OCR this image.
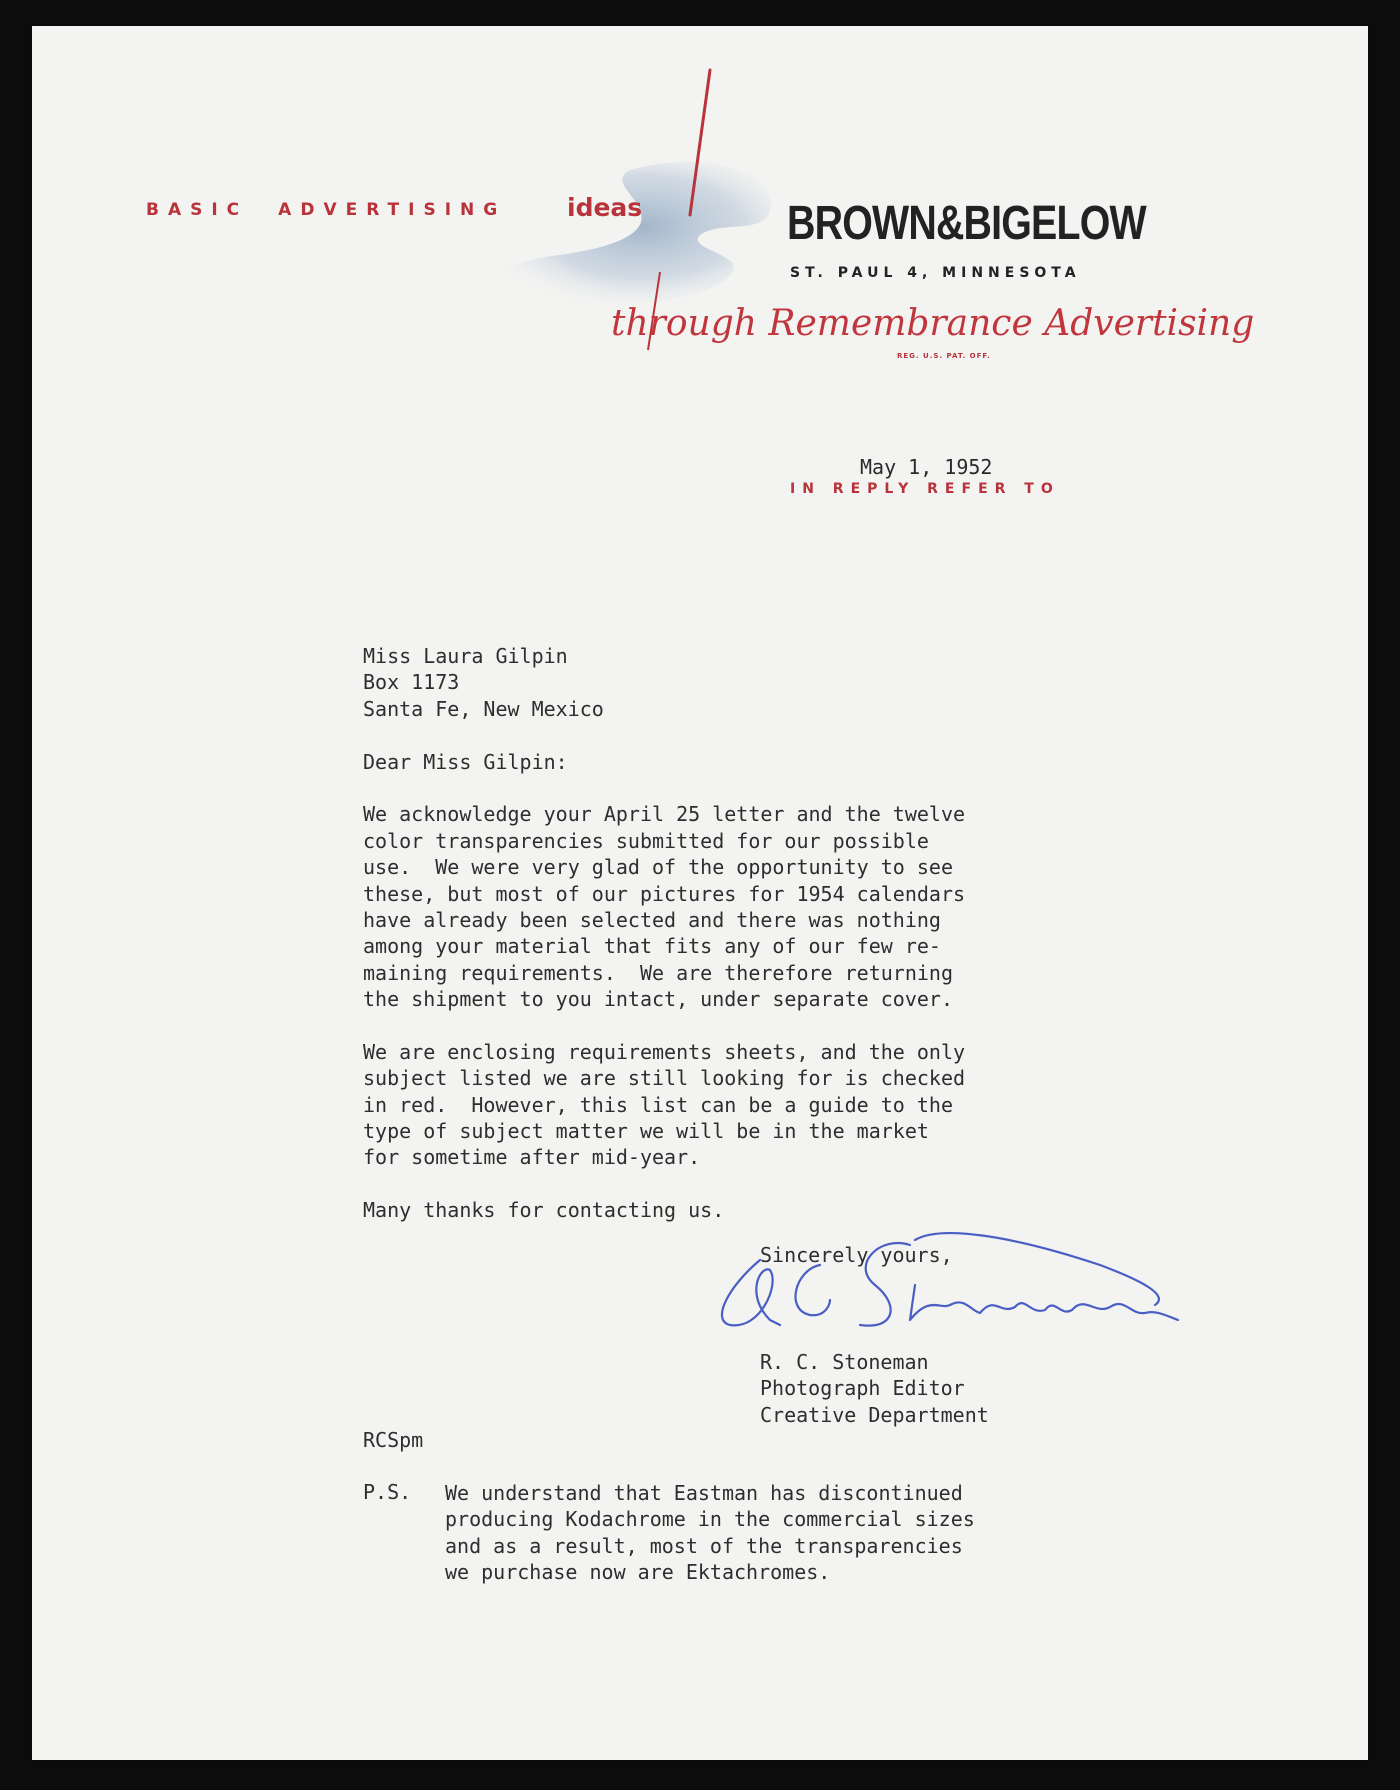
BASIC ADVERTISING	ideas	BROWN&BIGELOW
ST. PAUL 4, MINNESOTA
through Remembrance Advertising
REG. U.S. PAT. OFF.
May 1, 1952
IN REPLY REFER TO
Miss Laura Gilpin
Box 1173
Santa Fe, New Mexico
Dear Miss Gilpin:
We acknowledge your April 25 letter and the twelve
color transparencies submitted for our possible
use.  We were very glad of the opportunity to see
these, but most of our pictures for 1954 calendars
have already been selected and there was nothing
among your material that fits any of our few re-
maining requirements.  We are therefore returning
the shipment to you intact, under separate cover.
We are enclosing requirements sheets, and the only
subject listed we are still looking for is checked
in red.  However, this list can be a guide to the
type of subject matter we will be in the market
for sometime after mid-year.
Many thanks for contacting us.
Sincerely yours,
R. C. Stoneman
Photograph Editor
Creative Department
RCSpm
P.S. We understand that Eastman has discontinued
producing Kodachrome in the commercial sizes
and as a result, most of the transparencies
we purchase now are Ektachromes.
